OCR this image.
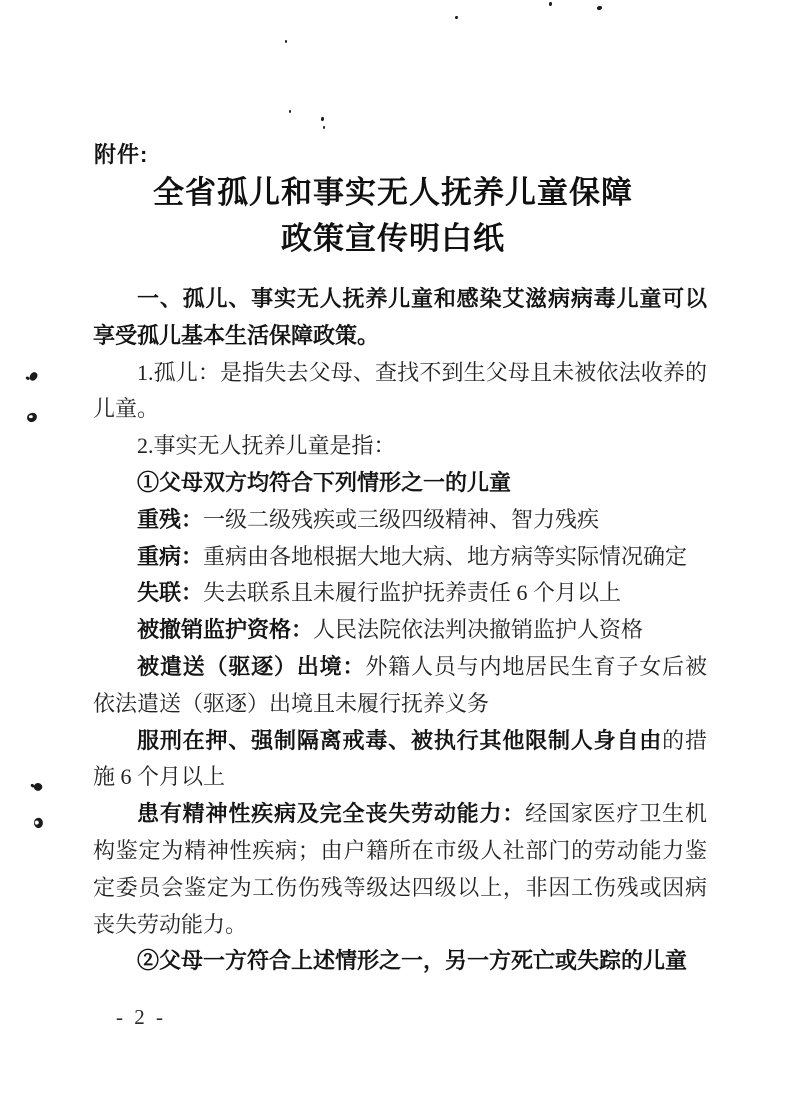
附件:
全省孤儿和事实无人抚养儿童保障
政策宣传明白纸

一、孤儿、事实无人抚养儿童和感染艾滋病病毒儿童可以享受孤儿基本生活保障政策。

1.孤儿：是指失去父母、查找不到生父母且未被依法收养的儿童。

2.事实无人抚养儿童是指：

①父母双方均符合下列情形之一的儿童

重残：一级二级残疾或三级四级精神、智力残疾

重病：重病由各地根据大地大病、地方病等实际情况确定

失联：失去联系且未履行监护抚养责任 6 个月以上

被撤销监护资格：人民法院依法判决撤销监护人资格

被遣送（驱逐）出境：外籍人员与内地居民生育子女后被依法遣送（驱逐）出境且未履行抚养义务

服刑在押、强制隔离戒毒、被执行其他限制人身自由的措施 6 个月以上

患有精神性疾病及完全丧失劳动能力：经国家医疗卫生机构鉴定为精神性疾病；由户籍所在市级人社部门的劳动能力鉴定委员会鉴定为工伤伤残等级达四级以上，非因工伤残或因病丧失劳动能力。

②父母一方符合上述情形之一，另一方死亡或失踪的儿童

- 2 -
